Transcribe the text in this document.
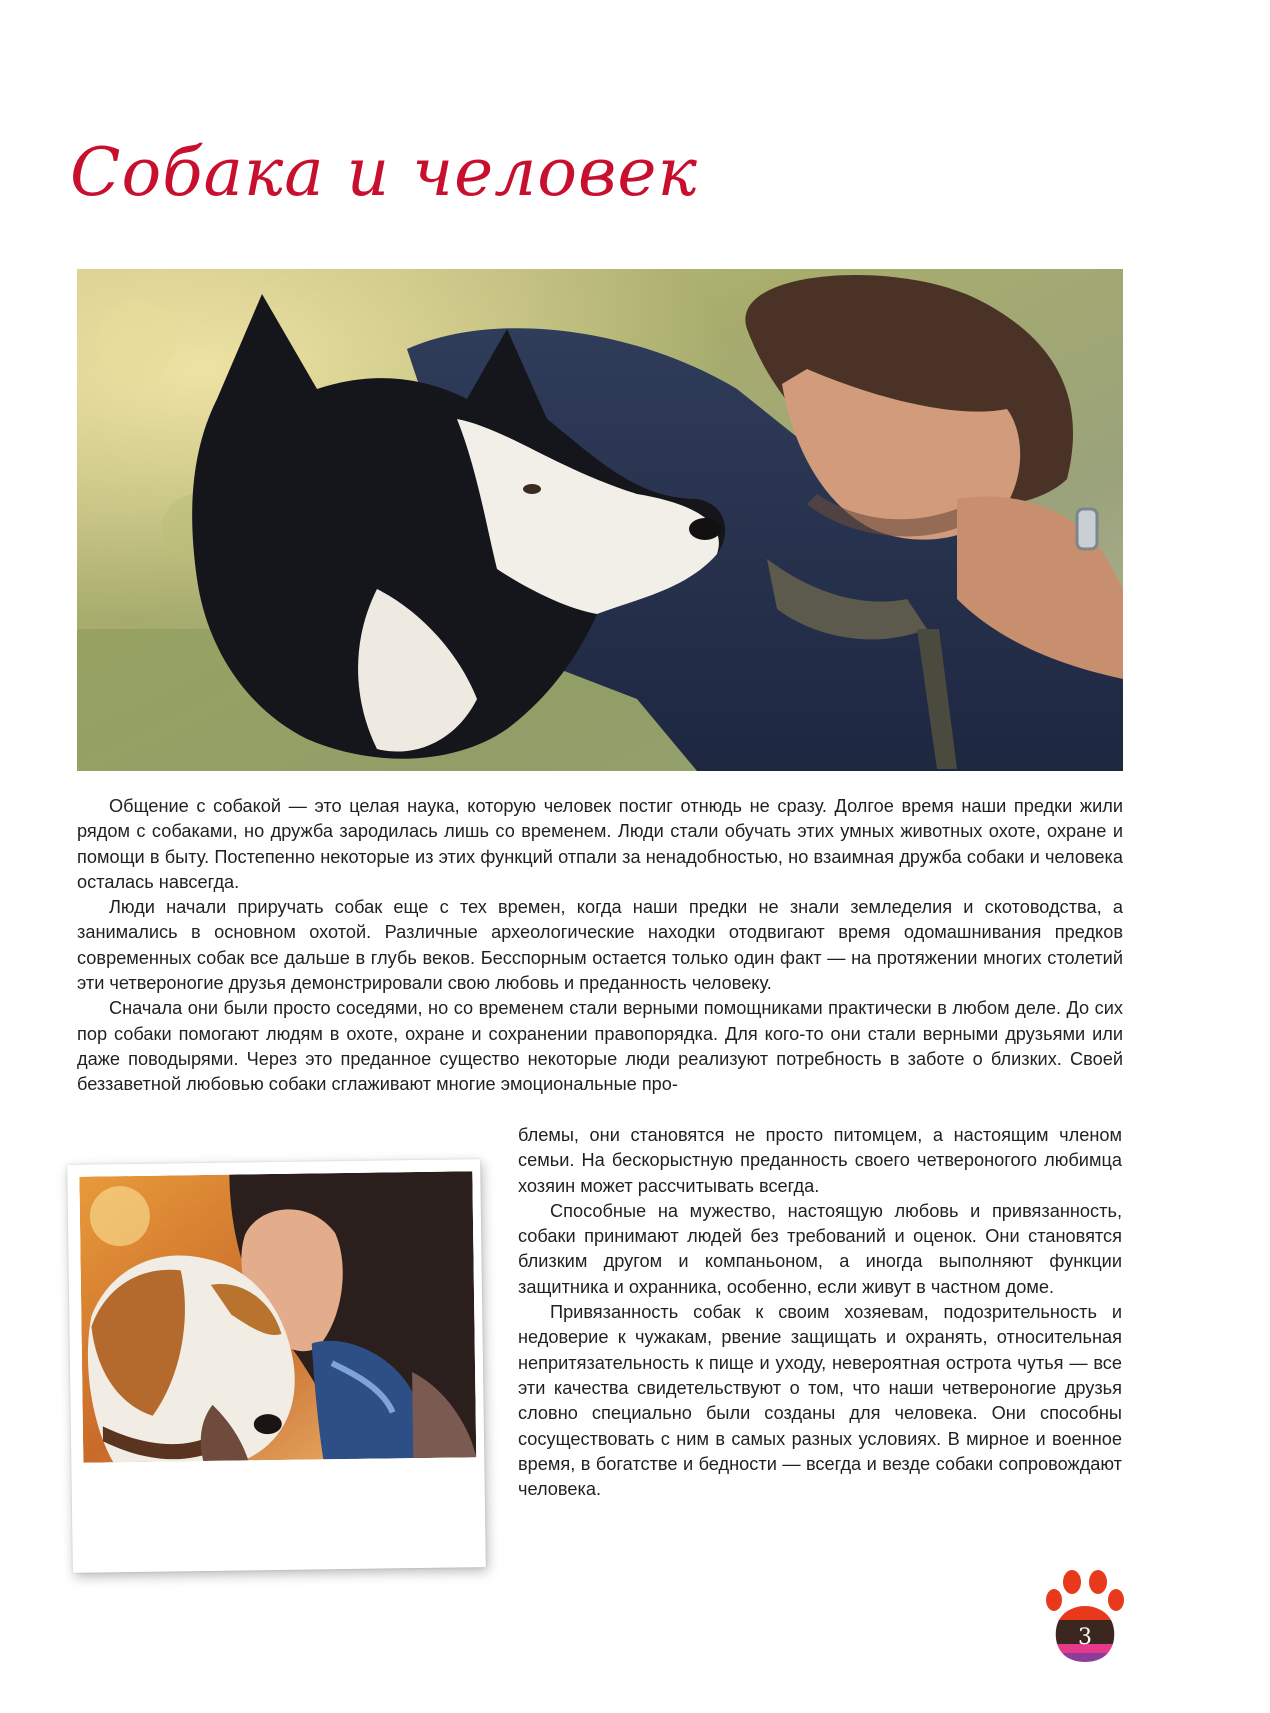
Собака и человек

Общение с собакой — это целая наука, которую человек постиг отнюдь не сразу. Долгое время наши предки жили рядом с собаками, но дружба зародилась лишь со временем. Люди стали обучать этих умных животных охоте, охране и помощи в быту. Постепенно некоторые из этих функций отпали за ненадобностью, но взаимная дружба собаки и человека осталась навсегда.

Люди начали приручать собак еще с тех времен, когда наши предки не знали земледелия и скотоводства, а занимались в основном охотой. Различные археологические находки отодвигают время одомашнивания предков современных собак все дальше в глубь веков. Бесспорным остается только один факт — на протяжении многих столетий эти четвероногие друзья демонстрировали свою любовь и преданность человеку.

Сначала они были просто соседями, но со временем стали верными помощниками практически в любом деле. До сих пор собаки помогают людям в охоте, охране и сохранении правопорядка. Для кого-то они стали верными друзьями или даже поводырями. Через это преданное существо некоторые люди реализуют потребность в заботе о близких. Своей беззаветной любовью собаки сглаживают многие эмоциональные про-

блемы, они становятся не просто питомцем, а настоящим членом семьи. На бескорыстную преданность своего четвероногого любимца хозяин может рассчитывать всегда.

Способные на мужество, настоящую любовь и привязанность, собаки принимают людей без требований и оценок. Они становятся близким другом и компаньоном, а иногда выполняют функции защитника и охранника, особенно, если живут в частном доме.

Привязанность собак к своим хозяевам, подозрительность и недоверие к чужакам, рвение защищать и охранять, относительная непритязательность к пище и уходу, невероятная острота чутья — все эти качества свидетельствуют о том, что наши четвероногие друзья словно специально были созданы для человека. Они способны сосуществовать с ним в самых разных условиях. В мирное и военное время, в богатстве и бедности — всегда и везде собаки сопровождают человека.

3
